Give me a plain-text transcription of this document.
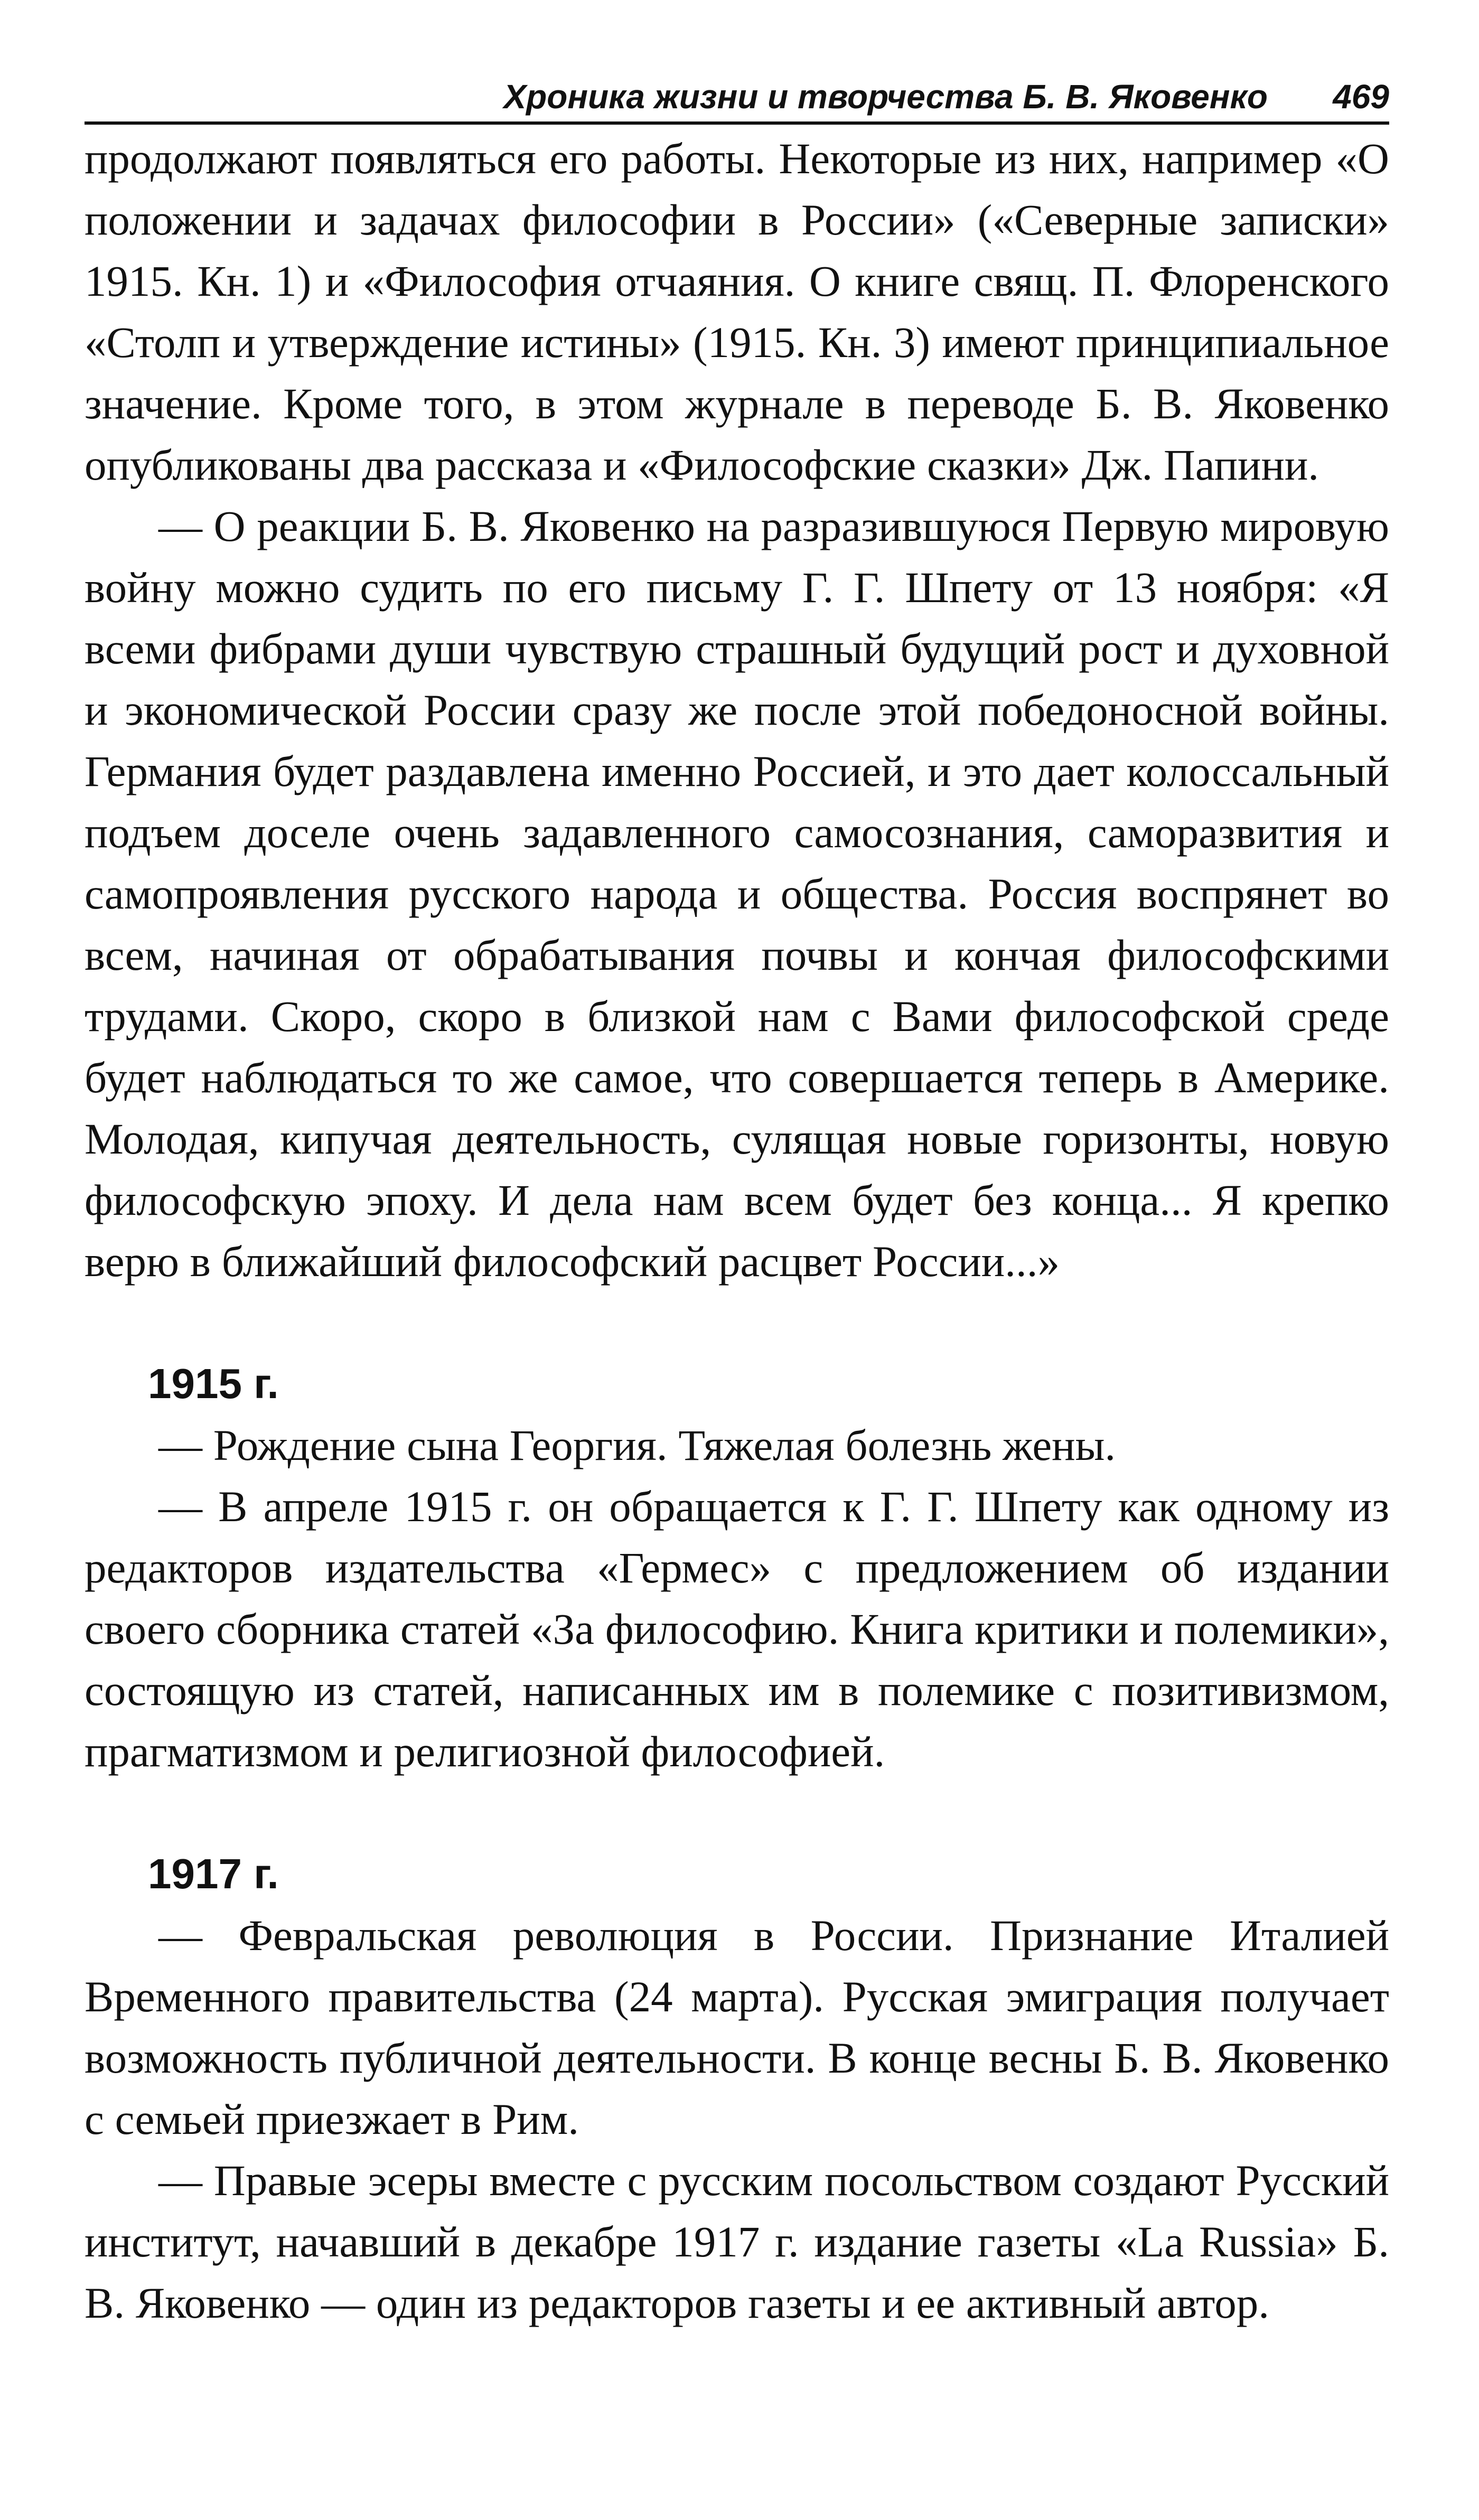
Хроника жизни и творчества Б. В. Яковенко 469

продолжают появляться его работы. Некоторые из них, например «О положении и задачах философии в России» («Северные записки» 1915. Кн. 1) и «Философия отчаяния. О книге свящ. П. Флоренского «Столп и утверждение истины» (1915. Кн. 3) имеют принципиальное значение. Кроме того, в этом журнале в переводе Б. В. Яковенко опубликованы два рассказа и «Философские сказки» Дж. Папини.

— О реакции Б. В. Яковенко на разразившуюся Первую мировую войну можно судить по его письму Г. Г. Шпету от 13 ноября: «Я всеми фибрами души чувствую страшный будущий рост и духовной и экономической России сразу же после этой победоносной войны. Германия будет раздавлена именно Россией, и это дает колоссальный подъем доселе очень задавленного самосознания, саморазвития и самопроявления русского народа и общества. Россия воспрянет во всем, начиная от обрабатывания почвы и кончая философскими трудами. Скоро, скоро в близкой нам с Вами философской среде будет наблюдаться то же самое, что совершается теперь в Америке. Молодая, кипучая деятельность, сулящая новые горизонты, новую философскую эпоху. И дела нам всем будет без конца... Я крепко верю в ближайший философский расцвет России...»

1915 г.

— Рождение сына Георгия. Тяжелая болезнь жены.

— В апреле 1915 г. он обращается к Г. Г. Шпету как одному из редакторов издательства «Гермес» с предложением об издании своего сборника статей «За философию. Книга критики и полемики», состоящую из статей, написанных им в полемике с позитивизмом, прагматизмом и религиозной философией.

1917 г.

— Февральская революция в России. Признание Италией Временного правительства (24 марта). Русская эмиграция получает возможность публичной деятельности. В конце весны Б. В. Яковенко с семьей приезжает в Рим.

— Правые эсеры вместе с русским посольством создают Русский институт, начавший в декабре 1917 г. издание газеты «La Russia» Б. В. Яковенко — один из редакторов газеты и ее активный автор.
